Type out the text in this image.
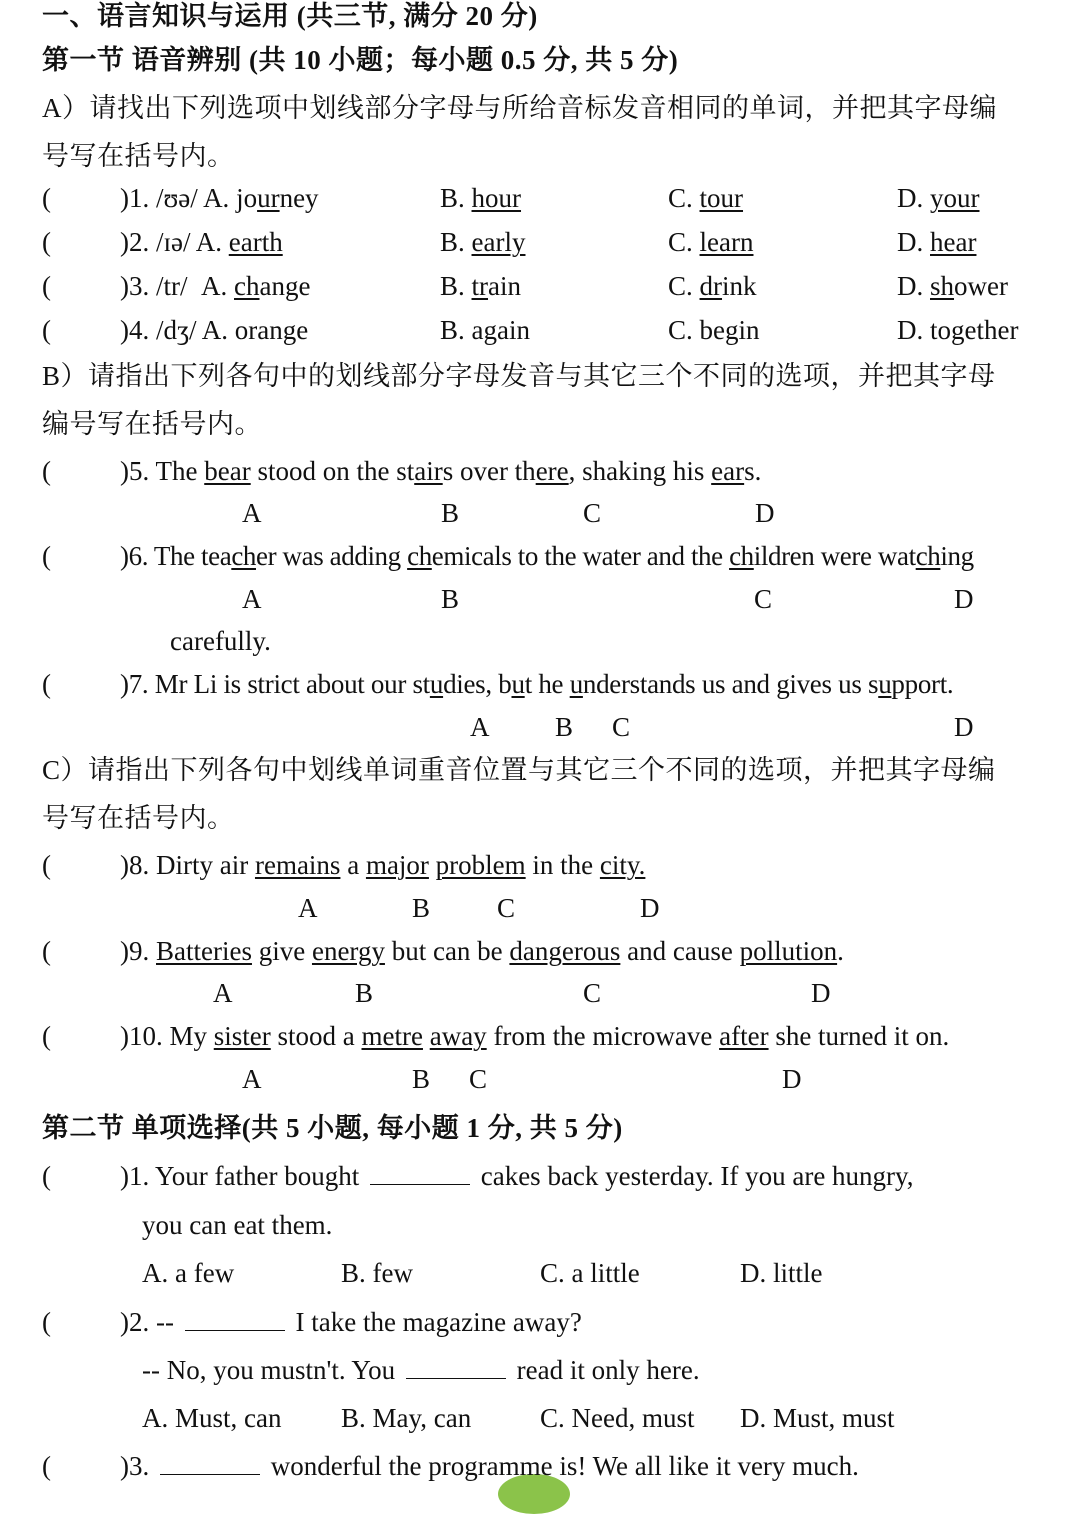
一、语言知识与运用 (共三节, 满分 20 分)
第一节 语音辨别 (共 10 小题；每小题 0.5 分, 共 5 分)
A）请找出下列选项中划线部分字母与所给音标发音相同的单词，并把其字母编
号写在括号内。
(	)1. /ʊə/ A. journey	B. hour	C. tour	D. your
(	)2. /ɪə/ A. earth	B. early	C. learn	D. hear
(	)3. /tr/ A. change	B. train	C. drink	D. shower
(	)4. /dʒ/ A. orange	B. again	C. begin	D. together
B）请指出下列各句中的划线部分字母发音与其它三个不同的选项，并把其字母
编号写在括号内。
(	)5. The bear stood on the stairs over there, shaking his ears.
A	B	C	D
(	)6. The teacher was adding chemicals to the water and the children were watching
A	B	C	D
carefully.
(	)7. Mr Li is strict about our studies, but he understands us and gives us support.
A B C	D
C）请指出下列各句中划线单词重音位置与其它三个不同的选项，并把其字母编
号写在括号内。
(	)8. Dirty air remains a major problem in the city.
A	B C	D
(	)9. Batteries give energy but can be dangerous and cause pollution.
A	B	C	D
(	)10. My sister stood a metre away from the microwave after she turned it on.
A	B C	D
第二节 单项选择(共 5 小题, 每小题 1 分, 共 5 分)
(	)1. Your father bought	cakes back yesterday. If you are hungry,
you can eat them.
A. a few	B. few	C. a little	D. little
(	)2. --	I take the magazine away?
-- No, you mustn't. You	read it only here.
A. Must, can B. May, can	C. Need, must D. Must, must
(	)3.	wonderful the programme is! We all like it very much.
